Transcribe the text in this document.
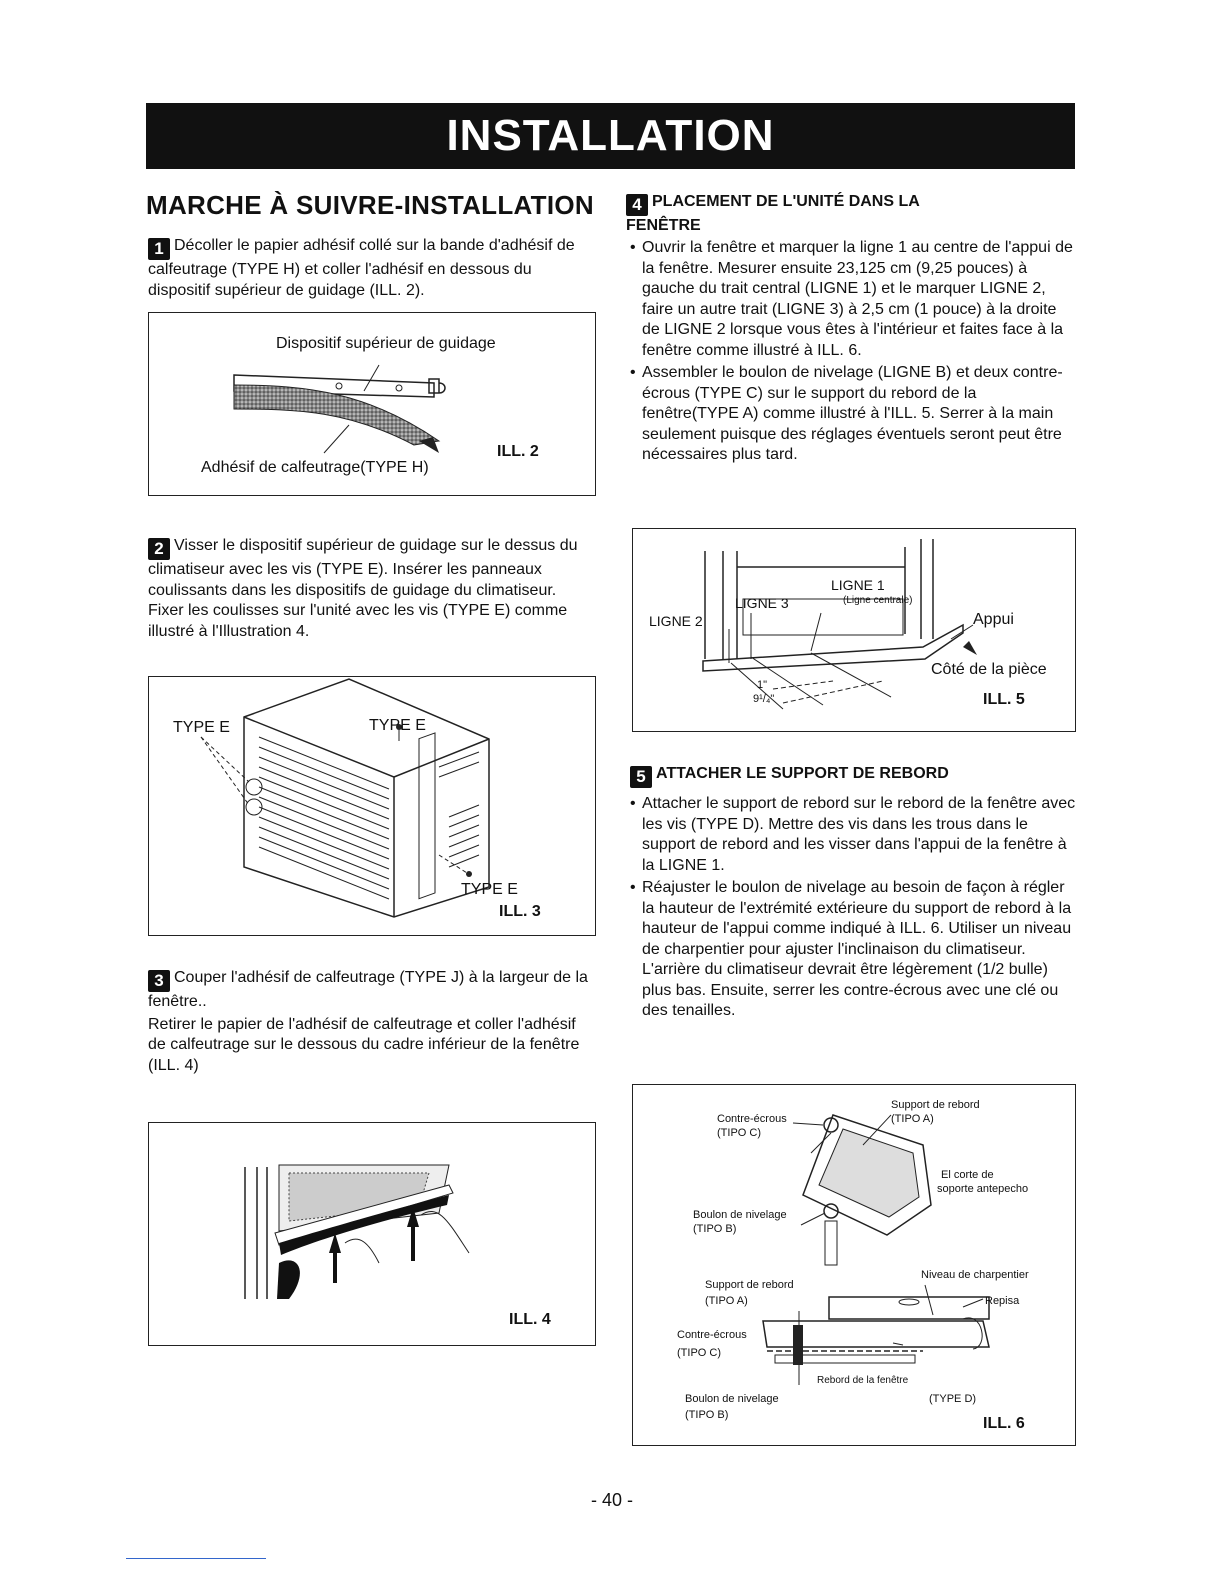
INSTALLATION
MARCHE À SUIVRE-INSTALLATION
1 Décoller le papier adhésif collé sur la bande d'adhésif de calfeutrage (TYPE H) et coller l'adhésif en dessous du dispositif supérieur de guidage (ILL. 2).
Dispositif supérieur de guidage
Adhésif de calfeutrage(TYPE H)
ILL. 2
2 Visser le dispositif supérieur de guidage sur le dessus du climatiseur avec les vis (TYPE E). Insérer les panneaux coulissants dans les dispositifs de guidage du climatiseur. Fixer les coulisses sur l'unité avec les vis (TYPE E) comme illustré à l'Illustration 4.
TYPE E	TYPE E
TYPE E
ILL. 3
3 Couper l'adhésif de calfeutrage (TYPE J) à la largeur de la fenêtre..
Retirer le papier de l'adhésif de calfeutrage et coller l'adhésif de calfeutrage sur le dessous du cadre inférieur de la fenêtre (ILL. 4)
ILL. 4
4 PLACEMENT DE L'UNITÉ DANS LA
FENÊTRE
• Ouvrir la fenêtre et marquer la ligne 1 au centre de l'appui de la fenêtre. Mesurer ensuite 23,125 cm (9,25 pouces) à gauche du trait central (LIGNE 1) et le marquer LIGNE 2, faire un autre trait (LIGNE 3) à 2,5 cm (1 pouce) à la droite de LIGNE 2 lorsque vous êtes à l'intérieur et faites face à la fenêtre comme illustré à ILL. 6.
• Assembler le boulon de nivelage (LIGNE B) et deux contre-écrous (TYPE C) sur le support du rebord de la fenêtre(TYPE A) comme illustré à l'ILL. 5. Serrer à la main seulement puisque des réglages éventuels seront peut être nécessaires plus tard.
LIGNE 1
(Ligne centrale)
LIGNE 3
LIGNE 2	Appui
Côté de la pièce
1"
9¹/₄"	ILL. 5
5 ATTACHER LE SUPPORT DE REBORD
• Attacher le support de rebord sur le rebord de la fenêtre avec les vis (TYPE D). Mettre des vis dans les trous dans le support de rebord and les visser dans l'appui de la fenêtre à la LIGNE 1.
• Réajuster le boulon de nivelage au besoin de façon à régler la hauteur de l'extrémité extérieure du support de rebord à la hauteur de l'appui comme indiqué à ILL. 6. Utiliser un niveau de charpentier pour ajuster l'inclinaison du climatiseur. L'arrière du climatiseur devrait être légèrement (1/2 bulle) plus bas. Ensuite, serrer les contre-écrous avec une clé ou des tenailles.
Contre-écrous
(TIPO C)
Support de rebord
(TIPO A)
El corte de
soporte antepecho
Boulon de nivelage
(TIPO B)
Support de rebord
(TIPO A)
Niveau de charpentier
Repisa
Contre-écrous
(TIPO C)
Rebord de la fenêtre
Boulon de nivelage
(TIPO B)
(TYPE D)
ILL. 6
- 40 -
